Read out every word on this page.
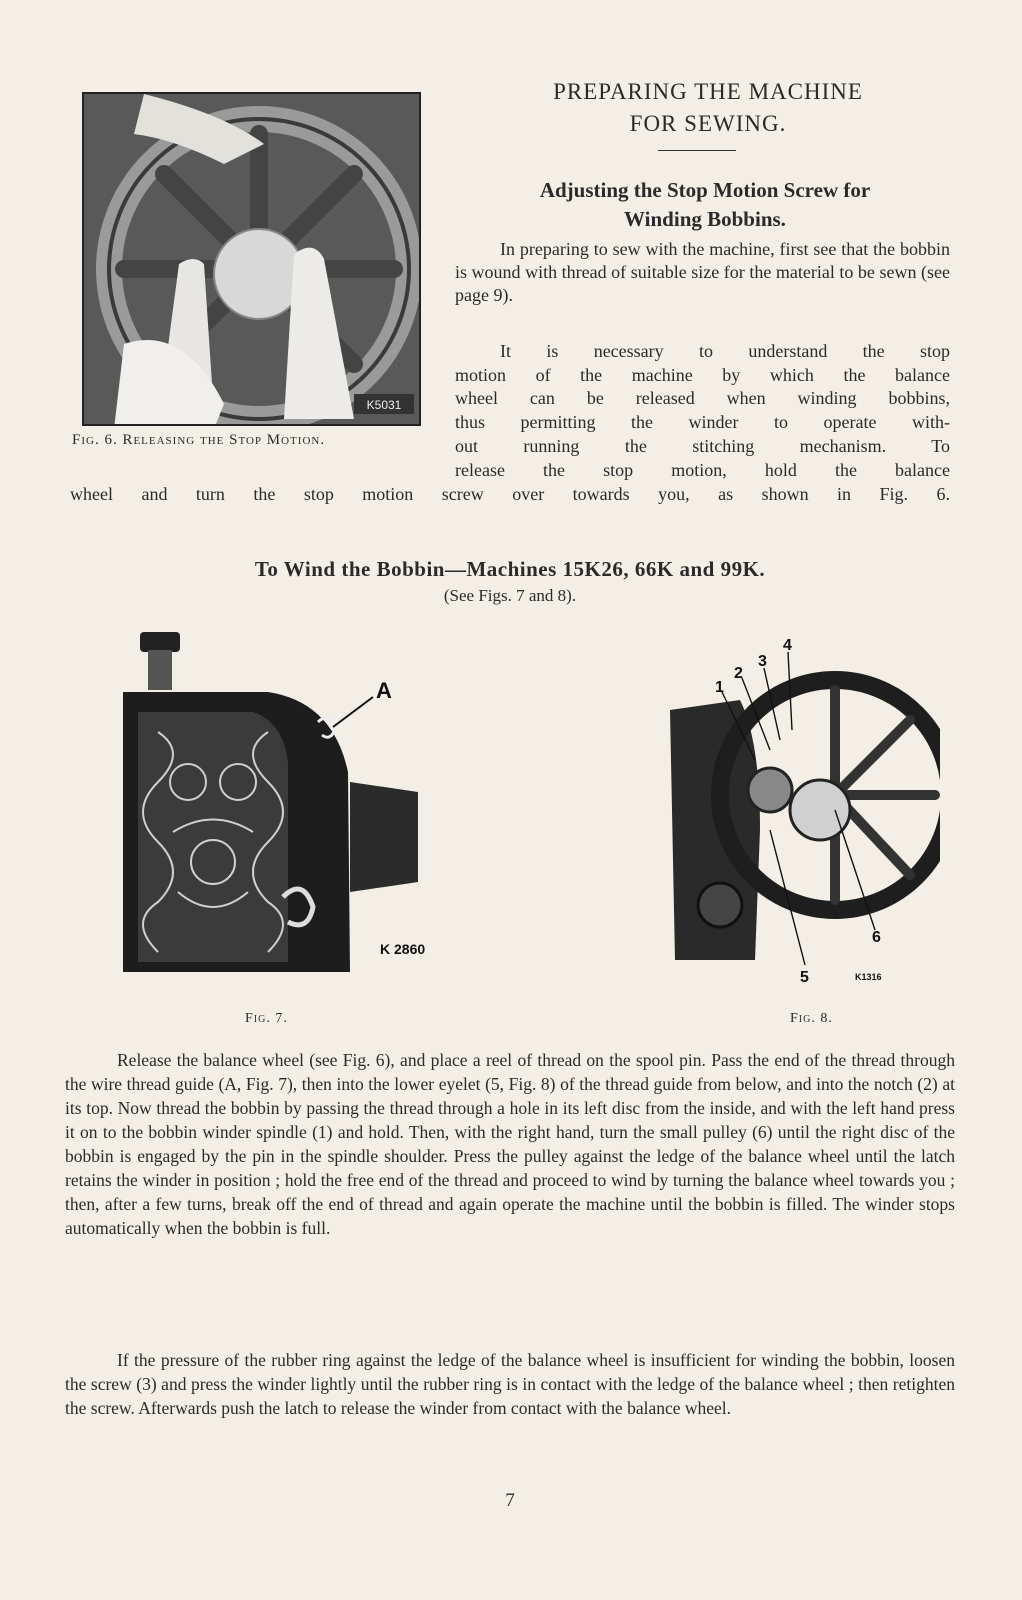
K5031
Fig. 6. Releasing the Stop Motion.
PREPARING THE MACHINE
FOR SEWING.
Adjusting the Stop Motion Screw for
Winding Bobbins.
In preparing to sew with the machine, first see that the bobbin is wound with thread of suitable size for the material to be sewn (see page 9).
It is necessary to understand the stop
motion of the machine by which the balance
wheel can be released when winding bobbins,
thus permitting the winder to operate with-
out running the stitching mechanism. To
release the stop motion, hold the balance
wheel and turn the stop motion screw over towards you, as shown in Fig. 6.
To Wind the Bobbin—Machines 15K26, 66K and 99K.
(See Figs. 7 and 8).
A
K 2860
Fig. 7.
1
2
3
4
5
6
K1316
Fig. 8.
Release the balance wheel (see Fig. 6), and place a reel of thread on the spool pin. Pass the end of the thread through the wire thread guide (A, Fig. 7), then into the lower eyelet (5, Fig. 8) of the thread guide from below, and into the notch (2) at its top. Now thread the bobbin by passing the thread through a hole in its left disc from the inside, and with the left hand press it on to the bobbin winder spindle (1) and hold. Then, with the right hand, turn the small pulley (6) until the right disc of the bobbin is engaged by the pin in the spindle shoulder. Press the pulley against the ledge of the balance wheel until the latch retains the winder in position ; hold the free end of the thread and proceed to wind by turning the balance wheel towards you ; then, after a few turns, break off the end of thread and again operate the machine until the bobbin is filled. The winder stops automatically when the bobbin is full.
If the pressure of the rubber ring against the ledge of the balance wheel is insufficient for winding the bobbin, loosen the screw (3) and press the winder lightly until the rubber ring is in contact with the ledge of the balance wheel ; then retighten the screw. Afterwards push the latch to release the winder from contact with the balance wheel.
7
